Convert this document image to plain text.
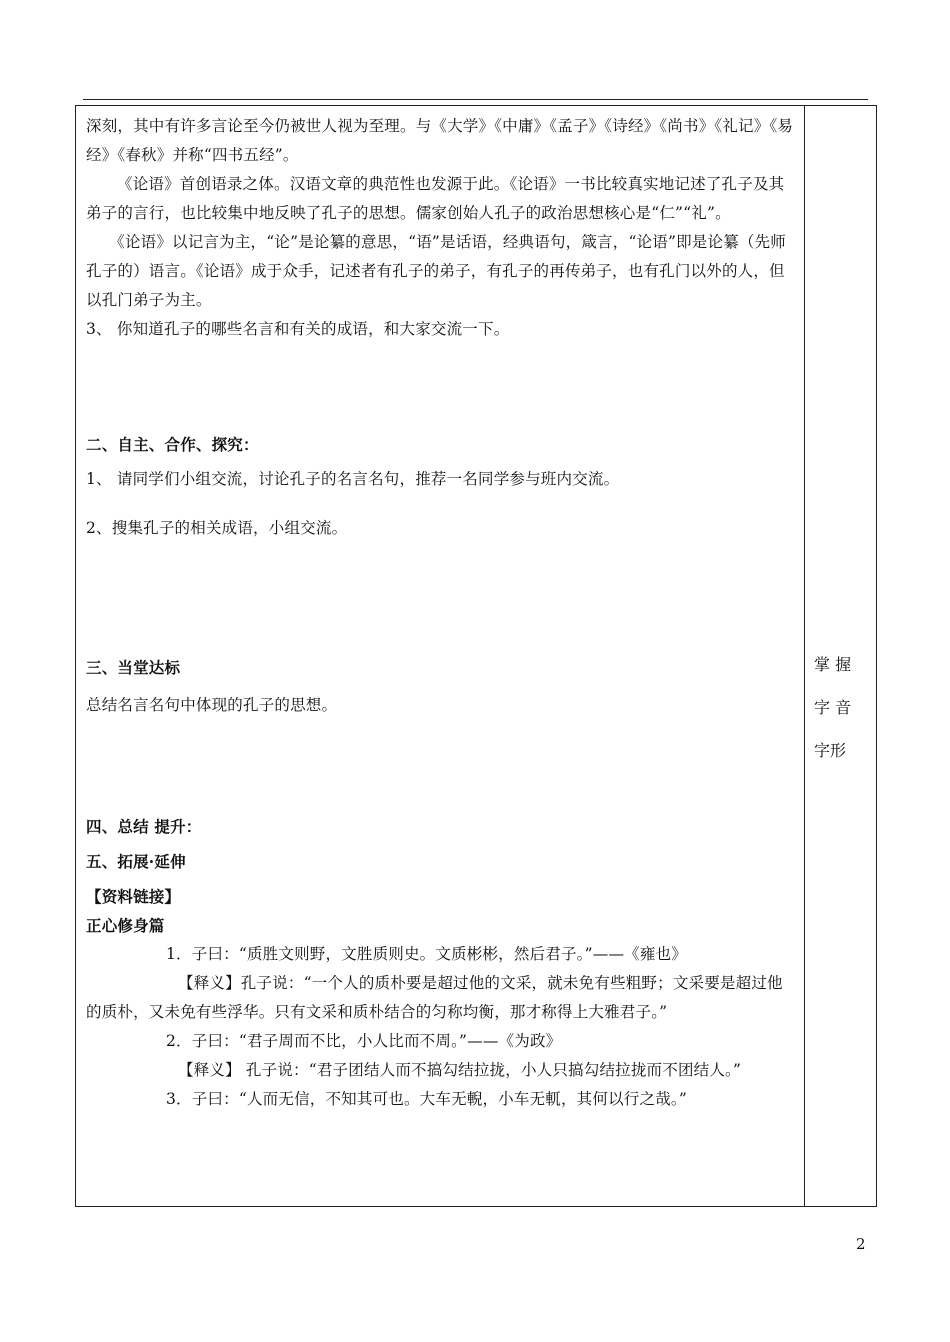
深刻，其中有许多言论至今仍被世人视为至理。与《大学》《中庸》《孟子》《诗经》《尚书》《礼记》《易经》《春秋》并称“四书五经”。

《论语》首创语录之体。汉语文章的典范性也发源于此。《论语》一书比较真实地记述了孔子及其弟子的言行，也比较集中地反映了孔子的思想。儒家创始人孔子的政治思想核心是“仁”“礼”。

《论语》以记言为主，“论”是论纂的意思，“语”是话语，经典语句，箴言，“论语”即是论纂（先师孔子的）语言。《论语》成于众手，记述者有孔子的弟子，有孔子的再传弟子，也有孔门以外的人，但以孔门弟子为主。

3、 你知道孔子的哪些名言和有关的成语，和大家交流一下。

二、自主、合作、探究：

1、 请同学们小组交流，讨论孔子的名言名句，推荐一名同学参与班内交流。

2、搜集孔子的相关成语，小组交流。

三、当堂达标

总结名言名句中体现的孔子的思想。

四、总结 提升：

五、拓展·延伸

【资料链接】

正心修身篇

1．子曰：“质胜文则野，文胜质则史。文质彬彬，然后君子。”——《雍也》

【释义】孔子说：“一个人的质朴要是超过他的文采，就未免有些粗野；文采要是超过他的质朴，又未免有些浮华。只有文采和质朴结合的匀称均衡，那才称得上大雅君子。”

2．子曰：“君子周而不比，小人比而不周。”——《为政》

【释义】 孔子说：“君子团结人而不搞勾结拉拢，小人只搞勾结拉拢而不团结人。”

3．子曰：“人而无信，不知其可也。大车无輗，小车无軏，其何以行之哉。”

掌 握
字 音
字形
2
